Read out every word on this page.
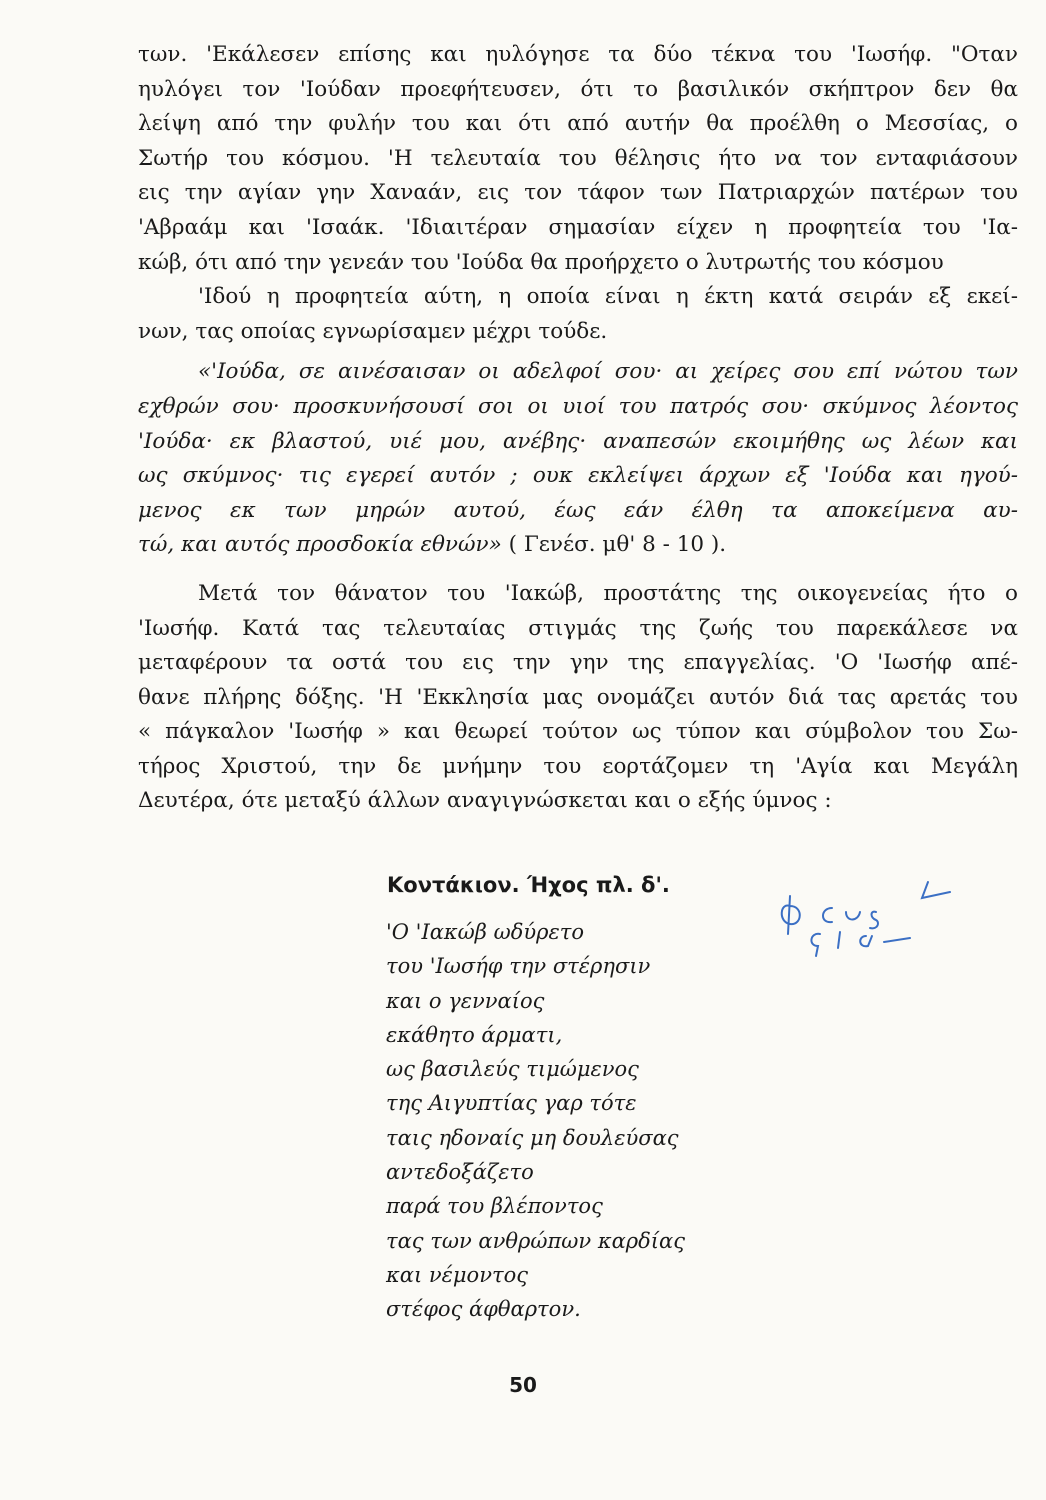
των. 'Εκάλεσεν επίσης και ηυλόγησε τα δύο τέκνα του 'Ιωσήφ. "Οταν
ηυλόγει τον 'Ιούδαν προεφήτευσεν, ότι το βασιλικόν σκήπτρον δεν θα
λείψη από την φυλήν του και ότι από αυτήν θα προέλθη ο Μεσσίας, ο
Σωτήρ του κόσμου. 'Η τελευταία του θέλησις ήτο να τον ενταφιάσουν
εις την αγίαν γην Χαναάν, εις τον τάφον των Πατριαρχών πατέρων του
'Αβραάμ και 'Ισαάκ. 'Ιδιαιτέραν σημασίαν είχεν η προφητεία του 'Ια-
κώβ, ότι από την γενεάν του 'Ιούδα θα προήρχετο ο λυτρωτής του κόσμου
'Ιδού η προφητεία αύτη, η οποία είναι η έκτη κατά σειράν εξ εκεί-
νων, τας οποίας εγνωρίσαμεν μέχρι τούδε.
«'Ιούδα, σε αινέσαισαν οι αδελφοί σου· αι χείρες σου επί νώτου των
εχθρών σου· προσκυνήσουσί σοι οι υιοί του πατρός σου· σκύμνος λέοντος
'Ιούδα· εκ βλαστού, υιέ μου, ανέβης· αναπεσών εκοιμήθης ως λέων και
ως σκύμνος· τις εγερεί αυτόν ; ουκ εκλείψει άρχων εξ 'Ιούδα και ηγού-
μενος εκ των μηρών αυτού, έως εάν έλθη τα απoκείμενα αυ-
τώ, και αυτός προσδοκία εθνών» ( Γενέσ. μθ' 8 - 10 ).
Μετά τον θάνατον του 'Ιακώβ, προστάτης της οικογενείας ήτο ο
'Ιωσήφ. Κατά τας τελευταίας στιγμάς της ζωής του παρεκάλεσε να
μεταφέρουν τα οστά του εις την γην της επαγγελίας. 'Ο 'Ιωσήφ απέ-
θανε πλήρης δόξης. 'Η 'Εκκλησία μας ονομάζει αυτόν διά τας αρετάς του
« πάγκαλον 'Ιωσήφ » και θεωρεί τούτον ως τύπον και σύμβολον του Σω-
τήρος Χριστού, την δε μνήμην του εορτάζομεν τη 'Αγία και Μεγάλη
Δευτέρα, ότε μεταξύ άλλων αναγιγνώσκεται και ο εξής ύμνος :
Κοντάκιον. Ήχος πλ. δ'.
'Ο 'Ιακώβ ωδύρετο
του 'Ιωσήφ την στέρησιν
και ο γενναίος
εκάθητο άρματι,
ως βασιλεύς τιμώμενος
της Αιγυπτίας γαρ τότε
ταις ηδοναίς μη δουλεύσας
αντεδοξάζετο
παρά του βλέποντος
τας των ανθρώπων καρδίας
και νέμοντος
στέφος άφθαρτον.
50
